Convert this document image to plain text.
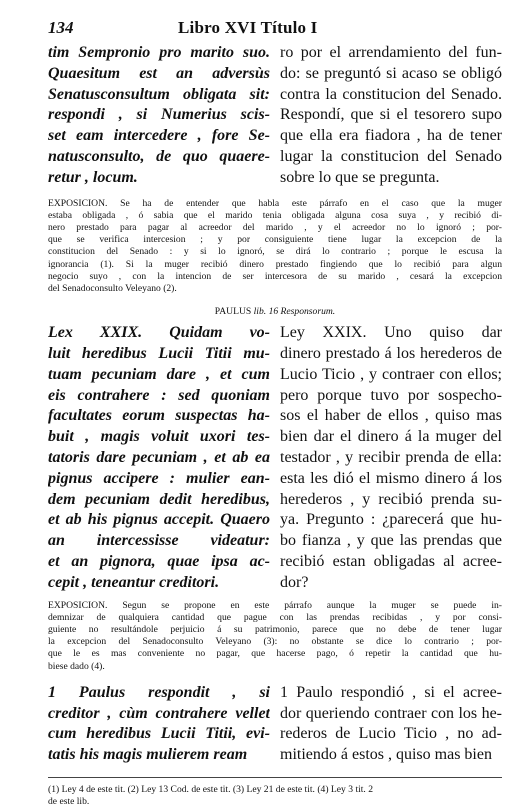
134	Libro XVI Título I
tim Sempronio pro marito suo.
Quaesitum est an adversùs
Senatusconsultum obligata sit:
respondi , si Numerius scis-
set eam intercedere , fore Se-
natusconsulto, de quo quaere-
retur , locum.
ro por el arrendamiento del fun-
do: se preguntó si acaso se obligó
contra la constitucion del Senado.
Respondí, que si el tesorero supo
que ella era fiadora , ha de tener
lugar la constitucion del Senado
sobre lo que se pregunta.
EXPOSICION. Se ha de entender que habla este párrafo en el caso que la muger
estaba obligada , ó sabia que el marido tenia obligada alguna cosa suya , y recibió di-
nero prestado para pagar al acreedor del marido , y el acreedor no lo ignoró ; por-
que se verifica intercesion ; y por consiguiente tiene lugar la excepcion de la
constitucion del Senado : y si lo ignoró, se dirá lo contrario ; porque le escusa la
ignorancia (1). Si la muger recibió dinero prestado fingiendo que lo recibió para algun
negocio suyo , con la intencion de ser intercesora de su marido , cesará la excepcion
del Senadoconsulto Veleyano (2).
PAULUS lib. 16 Responsorum.
Lex XXIX. Quidam vo-
luit heredibus Lucii Titii mu-
tuam pecuniam dare , et cum
eis contrahere : sed quoniam
facultates eorum suspectas ha-
buit , magis voluit uxori tes-
tatoris dare pecuniam , et ab ea
pignus accipere : mulier ean-
dem pecuniam dedit heredibus,
et ab his pignus accepit. Quaero
an intercessisse videatur:
et an pignora, quae ipsa ac-
cepit , teneantur creditori.
Ley XXIX. Uno quiso dar
dinero prestado á los herederos de
Lucio Ticio , y contraer con ellos;
pero porque tuvo por sospecho-
sos el haber de ellos , quiso mas
bien dar el dinero á la muger del
testador , y recibir prenda de ella:
esta les dió el mismo dinero á los
herederos , y recibió prenda su-
ya. Pregunto : ¿parecerá que hu-
bo fianza , y que las prendas que
recibió estan obligadas al acree-
dor?
EXPOSICION. Segun se propone en este párrafo aunque la muger se puede in-
demnizar de qualquiera cantidad que pague con las prendas recibidas , y por consi-
guiente no resultándole perjuicio á su patrimonio, parece que no debe de tener lugar
la excepcion del Senadoconsulto Veleyano (3): no obstante se dice lo contrario ; por-
que le es mas conveniente no pagar, que hacerse pago, ó repetir la cantidad que hu-
biese dado (4).
1 Paulus respondit , si
creditor , cùm contrahere vellet
cum heredibus Lucii Titii, evi-
tatis his magis mulierem ream
1 Paulo respondió , si el acree-
dor queriendo contraer con los he-
rederos de Lucio Ticio , no ad-
mitiendo á estos , quiso mas bien
(1) Ley 4 de este tit. (2) Ley 13 Cod. de este tit. (3) Ley 21 de este tit. (4) Ley 3 tit. 2
de este lib.
